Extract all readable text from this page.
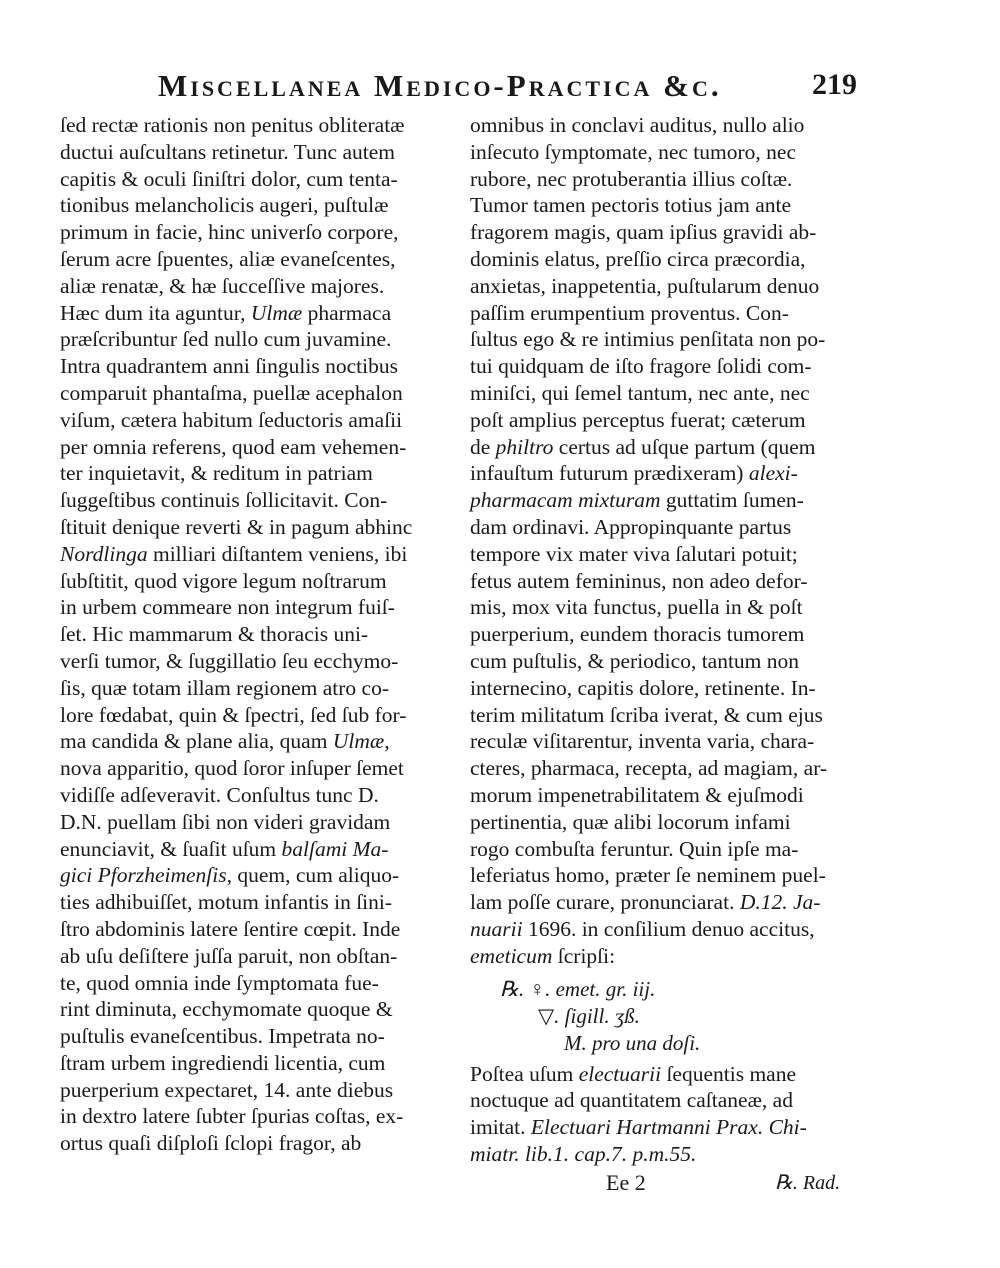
Miscellanea Medico-Practica &c.	219
ſed rectæ rationis non penitus obliteratæ
ductui auſcultans retinetur. Tunc autem
capitis & oculi ſiniſtri dolor, cum tenta-
tionibus melancholicis augeri, puſtulæ
primum in facie, hinc univerſo corpore,
ſerum acre ſpuentes, aliæ evaneſcentes,
aliæ renatæ, & hæ ſucceſſive majores.
Hæc dum ita aguntur, Ulmæ pharmaca
præſcribuntur ſed nullo cum juvamine.
Intra quadrantem anni ſingulis noctibus
comparuit phantaſma, puellæ acephalon
viſum, cætera habitum ſeductoris amaſii
per omnia referens, quod eam vehemen-
ter inquietavit, & reditum in patriam
ſuggeſtibus continuis ſollicitavit. Con-
ſtituit denique reverti & in pagum abhinc
Nordlinga milliari diſtantem veniens, ibi
ſubſtitit, quod vigore legum noſtrarum
in urbem commeare non integrum fuiſ-
ſet. Hic mammarum & thoracis uni-
verſi tumor, & ſuggillatio ſeu ecchymo-
ſis, quæ totam illam regionem atro co-
lore fœdabat, quin & ſpectri, ſed ſub for-
ma candida & plane alia, quam Ulmæ,
nova apparitio, quod ſoror inſuper ſemet
vidiſſe adſeveravit. Conſultus tunc D.
D.N. puellam ſibi non videri gravidam
enunciavit, & ſuaſit uſum balſami Ma-
gici Pforzheimenſis, quem, cum aliquo-
ties adhibuiſſet, motum infantis in ſini-
ſtro abdominis latere ſentire cœpit. Inde
ab uſu deſiſtere juſſa paruit, non obſtan-
te, quod omnia inde ſymptomata fue-
rint diminuta, ecchymomate quoque &
puſtulis evaneſcentibus. Impetrata no-
ſtram urbem ingrediendi licentia, cum
puerperium expectaret, 14. ante diebus
in dextro latere ſubter ſpurias coſtas, ex-
ortus quaſi diſploſi ſclopi fragor, ab
omnibus in conclavi auditus, nullo alio
inſecuto ſymptomate, nec tumoro, nec
rubore, nec protuberantia illius coſtæ.
Tumor tamen pectoris totius jam ante
fragorem magis, quam ipſius gravidi ab-
dominis elatus, preſſio circa præcordia,
anxietas, inappetentia, puſtularum denuo
paſſim erumpentium proventus. Con-
ſultus ego & re intimius penſitata non po-
tui quidquam de iſto fragore ſolidi com-
miniſci, qui ſemel tantum, nec ante, nec
poſt amplius perceptus fuerat; cæterum
de philtro certus ad uſque partum (quem
infauſtum futurum prædixeram) alexi-
pharmacam mixturam guttatim ſumen-
dam ordinavi. Appropinquante partus
tempore vix mater viva ſalutari potuit;
fetus autem femininus, non adeo defor-
mis, mox vita functus, puella in & poſt
puerperium, eundem thoracis tumorem
cum puſtulis, & periodico, tantum non
internecino, capitis dolore, retinente. In-
terim militatum ſcriba iverat, & cum ejus
reculæ viſitarentur, inventa varia, chara-
cteres, pharmaca, recepta, ad magiam, ar-
morum impenetrabilitatem & ejuſmodi
pertinentia, quæ alibi locorum infami
rogo combuſta feruntur. Quin ipſe ma-
leferiatus homo, præter ſe neminem puel-
lam poſſe curare, pronunciarat. D.12. Ja-
nuarii 1696. in conſilium denuo accitus,
emeticum ſcripſi:
℞. ♀. emet. gr. iij.
▽. ſigill. ʒß.
M. pro una doſi.
Poſtea uſum electuarii ſequentis mane
noctuque ad quantitatem caſtaneæ, ad
imitat. Electuari Hartmanni Prax. Chi-
miatr. lib.1. cap.7. p.m.55.
Ee 2	℞. Rad.
